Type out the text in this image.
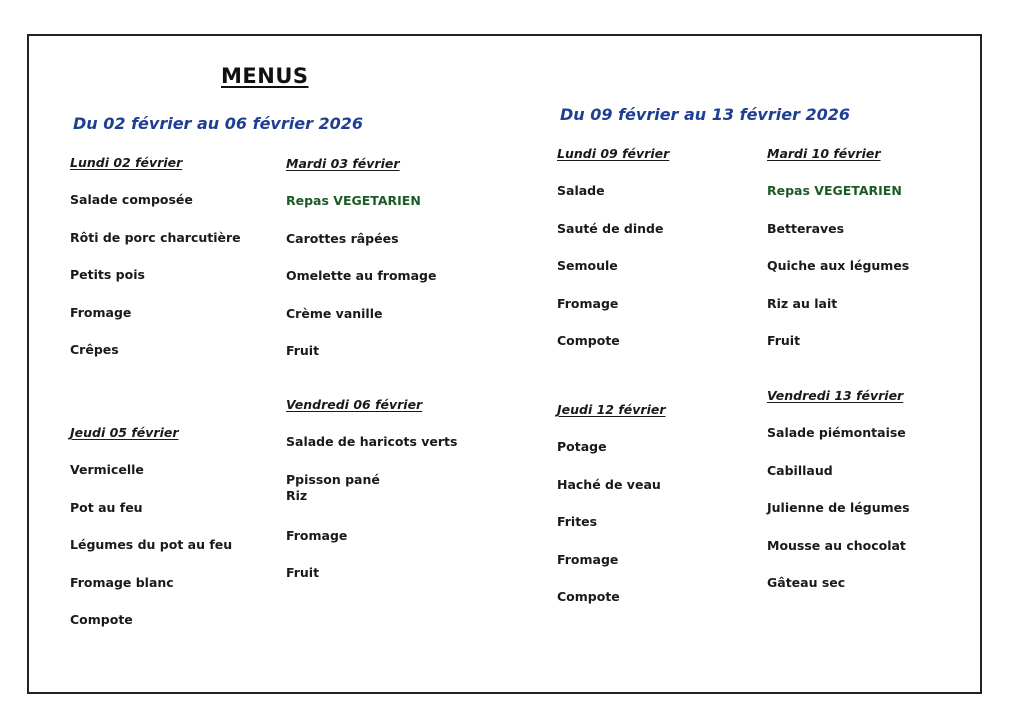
MENUS
Du 02 février au 06 février 2026
Lundi 02 février
Salade composée
Rôti de porc charcutière
Petits pois
Fromage
Crêpes
Mardi 03 février
Repas VEGETARIEN
Carottes râpées
Omelette au fromage
Crème vanille
Fruit
Jeudi 05 février
Vermicelle
Pot au feu
Légumes du pot au feu
Fromage blanc
Compote
Vendredi 06 février
Salade de haricots verts
Ppisson pané
Riz
Fromage
Fruit
Du 09 février au 13 février 2026
Lundi 09 février
Salade
Sauté de dinde
Semoule
Fromage
Compote
Mardi 10 février
Repas VEGETARIEN
Betteraves
Quiche aux légumes
Riz au lait
Fruit
Jeudi 12 février
Potage
Haché de veau
Frites
Fromage
Compote
Vendredi 13 février
Salade piémontaise
Cabillaud
Julienne de légumes
Mousse au chocolat
Gâteau sec
